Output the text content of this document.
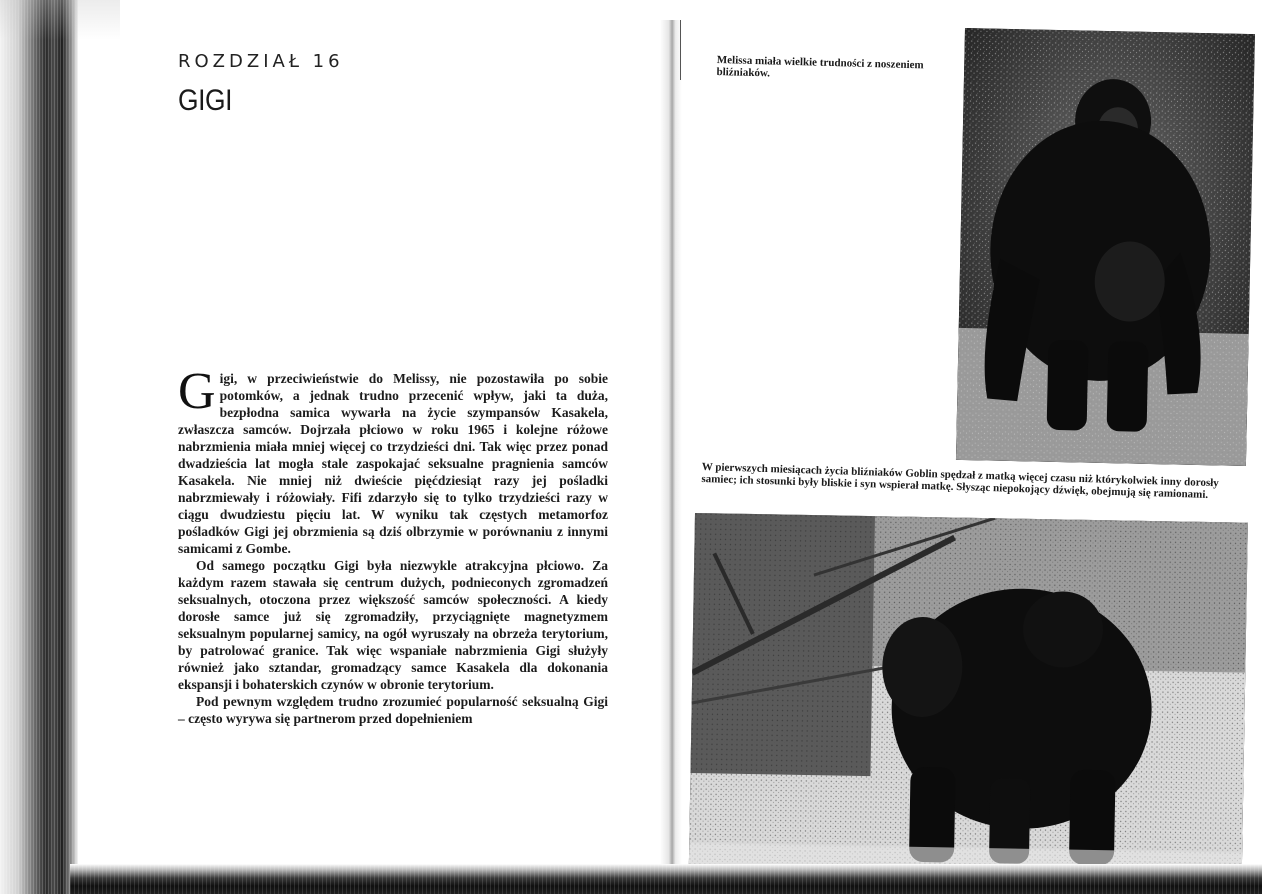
ROZDZIAŁ 16
GIGI

Gigi, w przeciwieństwie do Melissy, nie pozostawiła po sobie potomków, a jednak trudno przecenić wpływ, jaki ta duża, bezpłodna samica wywarła na życie szympansów Kasakela, zwłaszcza samców. Dojrzała płciowo w roku 1965 i kolejne różowe nabrzmienia miała mniej więcej co trzydzieści dni. Tak więc przez ponad dwadzieścia lat mogła stale zaspokajać seksualne pragnienia samców Kasakela. Nie mniej niż dwieście pięćdziesiąt razy jej pośladki nabrzmiewały i różowiały. Fifi zdarzyło się to tylko trzydzieści razy w ciągu dwudziestu pięciu lat. W wyniku tak częstych metamorfoz pośladków Gigi jej obrzmienia są dziś olbrzymie w porównaniu z innymi samicami z Gombe.

Od samego początku Gigi była niezwykle atrakcyjna płciowo. Za każdym razem stawała się centrum dużych, podnieconych zgromadzeń seksualnych, otoczona przez większość samców społeczności. A kiedy dorosłe samce już się zgromadziły, przyciągnięte magnetyzmem seksualnym popularnej samicy, na ogół wyruszały na obrzeża terytorium, by patrolować granice. Tak więc wspaniałe nabrzmienia Gigi służyły również jako sztandar, gromadzący samce Kasakela dla dokonania ekspansji i bohaterskich czynów w obronie terytorium.

Pod pewnym względem trudno zrozumieć popularność seksualną Gigi – często wyrywa się partnerom przed dopełnieniem

Melissa miała wielkie trudności z noszeniem bliźniaków.
W pierwszych miesiącach życia bliźniaków Goblin spędzał z matką więcej czasu niż którykolwiek inny dorosły samiec; ich stosunki były bliskie i syn wspierał matkę. Słysząc niepokojący dźwięk, obejmują się ramionami.
